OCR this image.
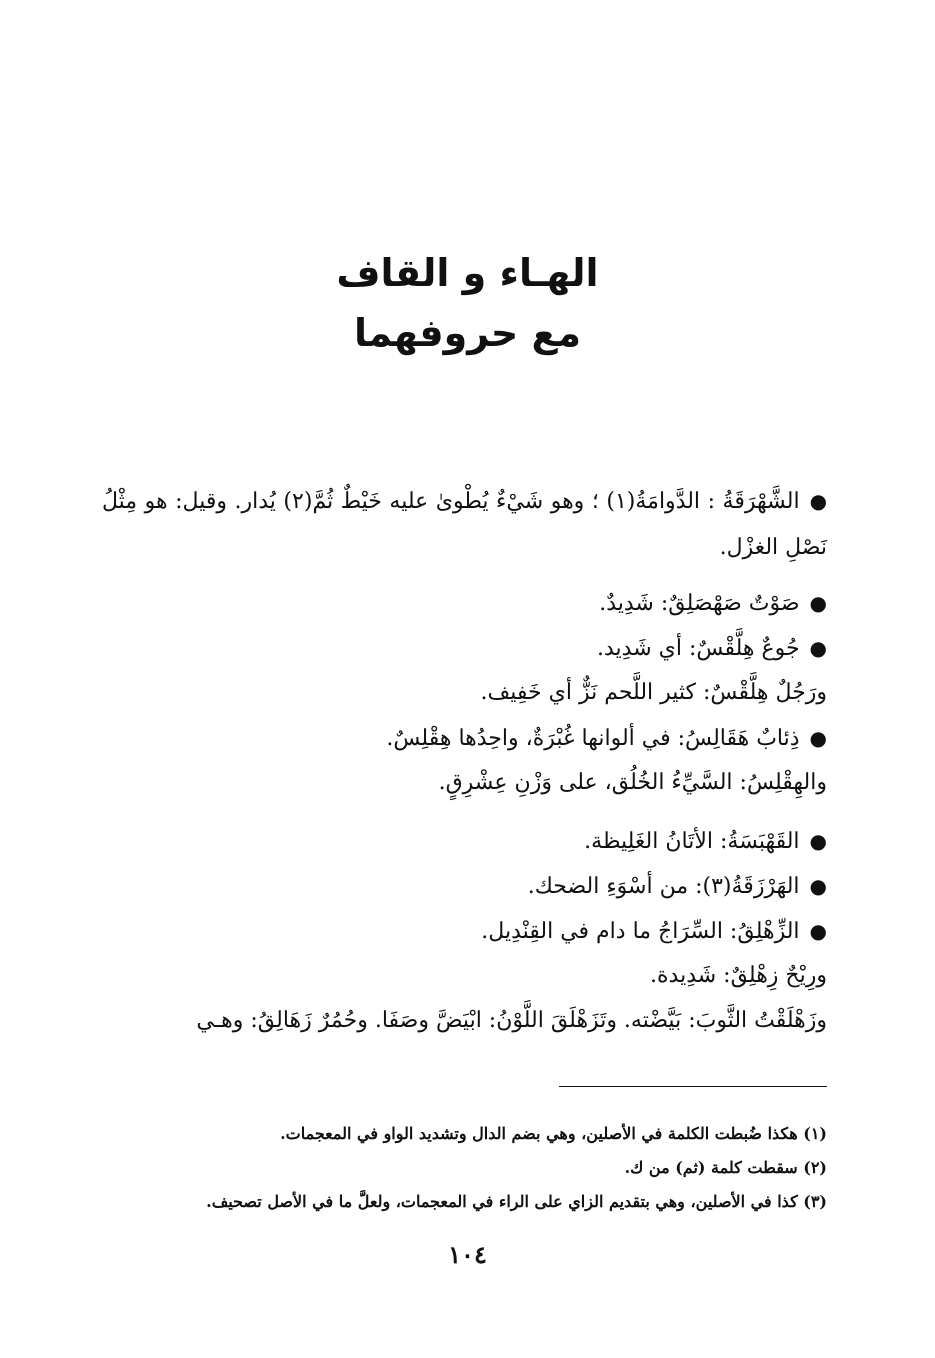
الهـاء و القاف
مع حروفهما
●الشَّهْرَقَةُ : الدَّوامَةُ(١) ؛ وهو شَيْءٌ يُطْوىٰ عليه خَيْطٌ ثُمَّ(٢) يُدار. وقيل: هو مِثْلُ نَصْلِ الغزْل.
●صَوْتٌ صَهْصَلِقٌ: شَدِيدٌ.
●جُوعٌ هِلَّقْسٌ: أي شَدِيد.
ورَجُلٌ هِلَّقْسٌ: كثير اللَّحم نَزٌّ أي خَفِيف.
●ذِئابٌ هَقَالِسُ: في ألوانها غُبْرَةٌ، واحِدُها هِقْلِسٌ.
والهِقْلِسُ: السَّيِّءُ الخُلُق، على وَزْنِ عِشْرِقٍ.
●القَهْبَسَةُ: الأتَانُ الغَلِيظة.
●الهَرْزَقَةُ(٣): من أسْوَءِ الضحك.
●الزِّهْلِقُ: السِّرَاجُ ما دام في القِنْدِيل.
ورِيْحٌ زِهْلِقٌ: شَدِيدة.
وزَهْلَقْتُ الثَّوبَ: بَيَّضْته. وتَزَهْلَقَ اللَّوْنُ: ابْيَضَّ وصَفَا. وحُمُرٌ زَهَالِقُ: وهـي
(١) هكذا ضُبطت الكلمة في الأصلين، وهي بضم الدال وتشديد الواو في المعجمات.
(٢) سقطت كلمة (ثم) من ك.
(٣) كذا في الأصلين، وهي بتقديم الزاي على الراء في المعجمات، ولعلَّ ما في الأصل تصحيف.
١٠٤
